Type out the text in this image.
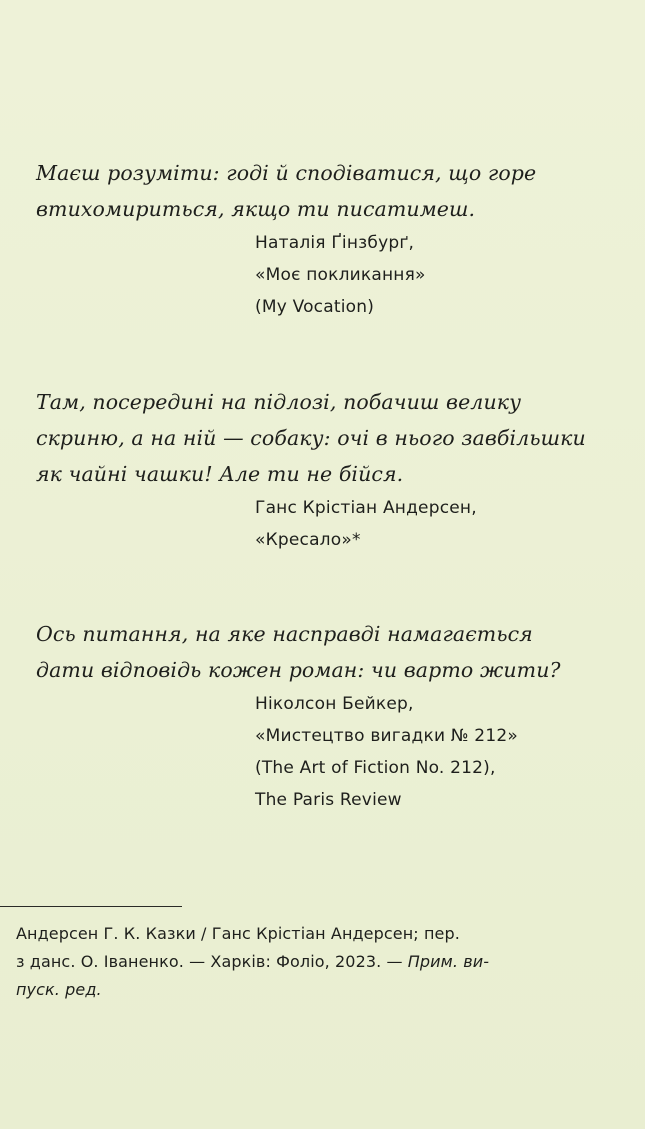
Маєш розуміти: годі й сподіватися, що горе
втихомириться, якщо ти писатимеш.

Наталія Ґінзбурґ,
«Моє покликання»
(My Vocation)

Там, посередині на підлозі, побачиш велику
скриню, а на ній — собаку: очі в нього завбільшки
як чайні чашки! Але ти не бійся.

Ганс Крістіан Андерсен,
«Кресало»*

Ось питання, на яке насправді намагається
дати відповідь кожен роман: чи варто жити?

Ніколсон Бейкер,
«Мистецтво вигадки № 212»
(The Art of Fiction No. 212),
The Paris Review
Андерсен Г. К. Казки / Ганс Крістіан Андерсен; пер.
з данс. О. Іваненко. — Харків: Фоліо, 2023. — Прим. ви-
пуск. ред.
